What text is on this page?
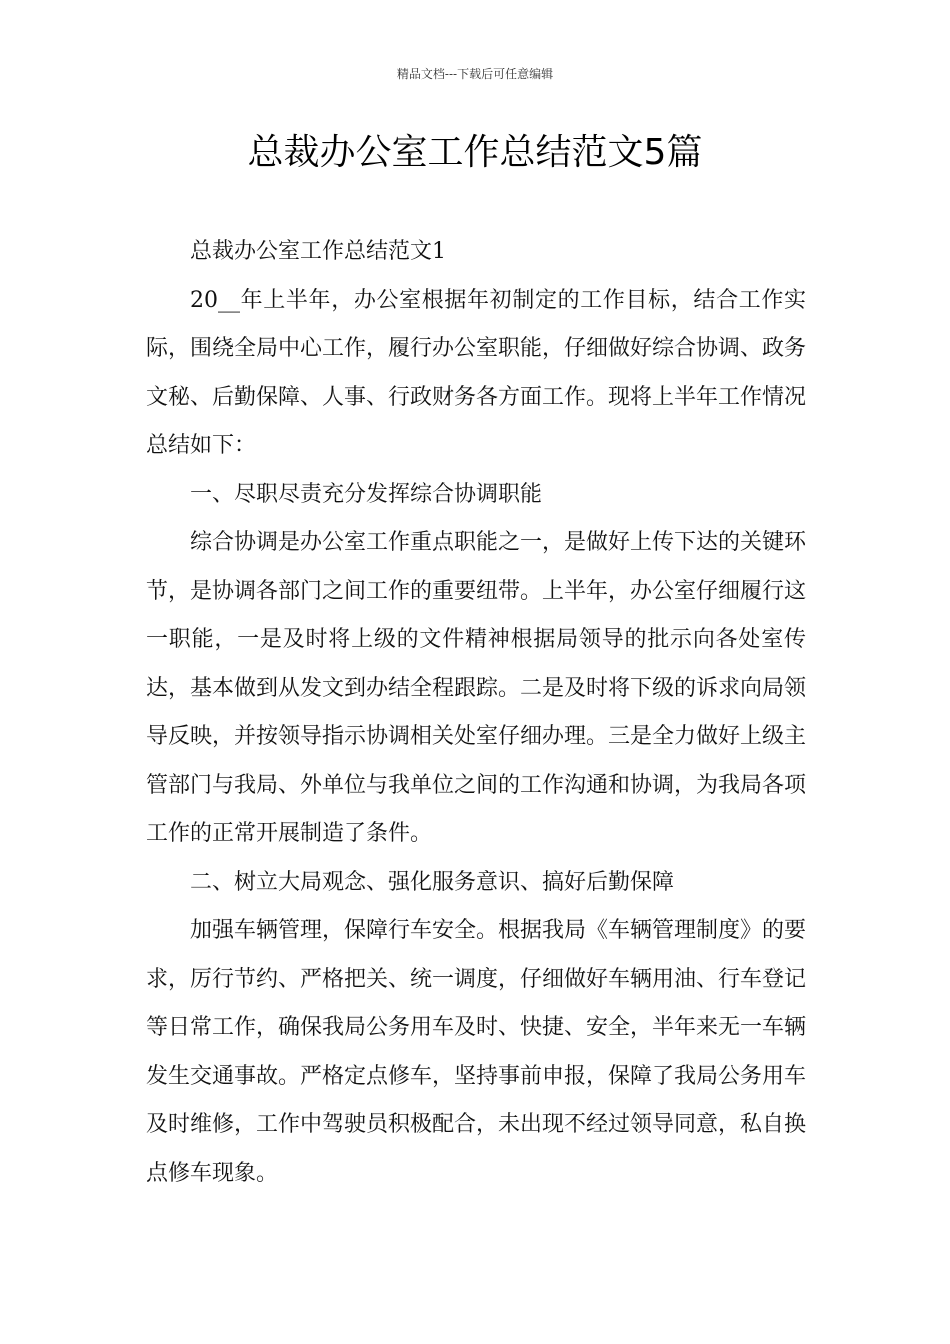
精品文档---下载后可任意编辑
总裁办公室工作总结范文5篇

总裁办公室工作总结范文1

20__年上半年，办公室根据年初制定的工作目标，结合工作实际，围绕全局中心工作，履行办公室职能，仔细做好综合协调、政务文秘、后勤保障、人事、行政财务各方面工作。现将上半年工作情况总结如下：

一、尽职尽责充分发挥综合协调职能

综合协调是办公室工作重点职能之一，是做好上传下达的关键环节，是协调各部门之间工作的重要纽带。上半年，办公室仔细履行这一职能，一是及时将上级的文件精神根据局领导的批示向各处室传达，基本做到从发文到办结全程跟踪。二是及时将下级的诉求向局领导反映，并按领导指示协调相关处室仔细办理。三是全力做好上级主管部门与我局、外单位与我单位之间的工作沟通和协调，为我局各项工作的正常开展制造了条件。

二、树立大局观念、强化服务意识、搞好后勤保障

加强车辆管理，保障行车安全。根据我局《车辆管理制度》的要求，厉行节约、严格把关、统一调度，仔细做好车辆用油、行车登记等日常工作，确保我局公务用车及时、快捷、安全，半年来无一车辆发生交通事故。严格定点修车，坚持事前申报，保障了我局公务用车及时维修，工作中驾驶员积极配合，未出现不经过领导同意，私自换点修车现象。
